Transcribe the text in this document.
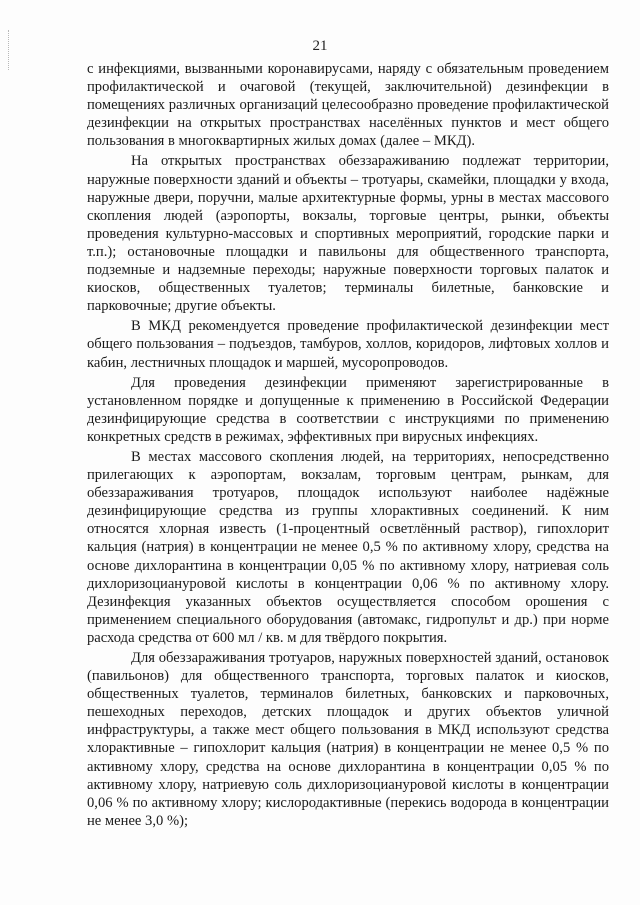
21

с инфекциями, вызванными коронавирусами, наряду с обязательным проведением профилактической и очаговой (текущей, заключительной) дезинфекции в помещениях различных организаций целесообразно проведение профилактической дезинфекции на открытых пространствах населённых пунктов и мест общего пользования в многоквартирных жилых домах (далее – МКД).

На открытых пространствах обеззараживанию подлежат территории, наружные поверхности зданий и объекты – тротуары, скамейки, площадки у входа, наружные двери, поручни, малые архитектурные формы, урны в местах массового скопления людей (аэропорты, вокзалы, торговые центры, рынки, объекты проведения культурно-массовых и спортивных мероприятий, городские парки и т.п.); остановочные площадки и павильоны для общественного транспорта, подземные и надземные переходы; наружные поверхности торговых палаток и киосков, общественных туалетов; терминалы билетные, банковские и парковочные; другие объекты.

В МКД рекомендуется проведение профилактической дезинфекции мест общего пользования – подъездов, тамбуров, холлов, коридоров, лифтовых холлов и кабин, лестничных площадок и маршей, мусоропроводов.

Для проведения дезинфекции применяют зарегистрированные в установленном порядке и допущенные к применению в Российской Федерации дезинфицирующие средства в соответствии с инструкциями по применению конкретных средств в режимах, эффективных при вирусных инфекциях.

В местах массового скопления людей, на территориях, непосредственно прилегающих к аэропортам, вокзалам, торговым центрам, рынкам, для обеззараживания тротуаров, площадок используют наиболее надёжные дезинфицирующие средства из группы хлорактивных соединений. К ним относятся хлорная известь (1-процентный осветлённый раствор), гипохлорит кальция (натрия) в концентрации не менее 0,5 % по активному хлору, средства на основе дихлорантина в концентрации 0,05 % по активному хлору, натриевая соль дихлоризоциануровой кислоты в концентрации 0,06 % по активному хлору. Дезинфекция указанных объектов осуществляется способом орошения с применением специального оборудования (автомакс, гидропульт и др.) при норме расхода средства от 600 мл / кв. м для твёрдого покрытия.

Для обеззараживания тротуаров, наружных поверхностей зданий, остановок (павильонов) для общественного транспорта, торговых палаток и киосков, общественных туалетов, терминалов билетных, банковских и парковочных, пешеходных переходов, детских площадок и других объектов уличной инфраструктуры, а также мест общего пользования в МКД используют средства хлорактивные – гипохлорит кальция (натрия) в концентрации не менее 0,5 % по активному хлору, средства на основе дихлорантина в концентрации 0,05 % по активному хлору, натриевую соль дихлоризоциануровой кислоты в концентрации 0,06 % по активному хлору; кислородактивные (перекись водорода в концентрации не менее 3,0 %);
